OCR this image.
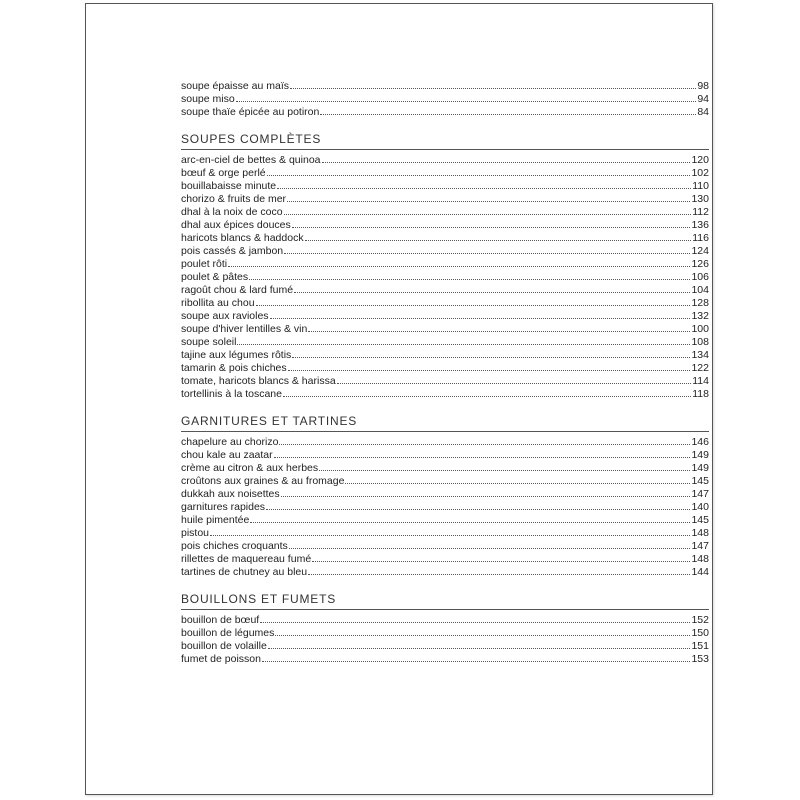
soupe épaisse au maïs	98
soupe miso	94
soupe thaïe épicée au potiron	84
SOUPES COMPLÈTES
arc-en-ciel de bettes & quinoa	120
bœuf & orge perlé	102
bouillabaisse minute	110
chorizo & fruits de mer	130
dhal à la noix de coco	112
dhal aux épices douces	136
haricots blancs & haddock	116
pois cassés & jambon	124
poulet rôti	126
poulet & pâtes	106
ragoût chou & lard fumé	104
ribollita au chou	128
soupe aux ravioles	132
soupe d'hiver lentilles & vin	100
soupe soleil	108
tajine aux légumes rôtis	134
tamarin & pois chiches	122
tomate, haricots blancs & harissa	114
tortellinis à la toscane	118
GARNITURES ET TARTINES
chapelure au chorizo	146
chou kale au zaatar	149
crème au citron & aux herbes	149
croûtons aux graines & au fromage	145
dukkah aux noisettes	147
garnitures rapides	140
huile pimentée	145
pistou	148
pois chiches croquants	147
rillettes de maquereau fumé	148
tartines de chutney au bleu	144
BOUILLONS ET FUMETS
bouillon de bœuf	152
bouillon de légumes	150
bouillon de volaille	151
fumet de poisson	153
